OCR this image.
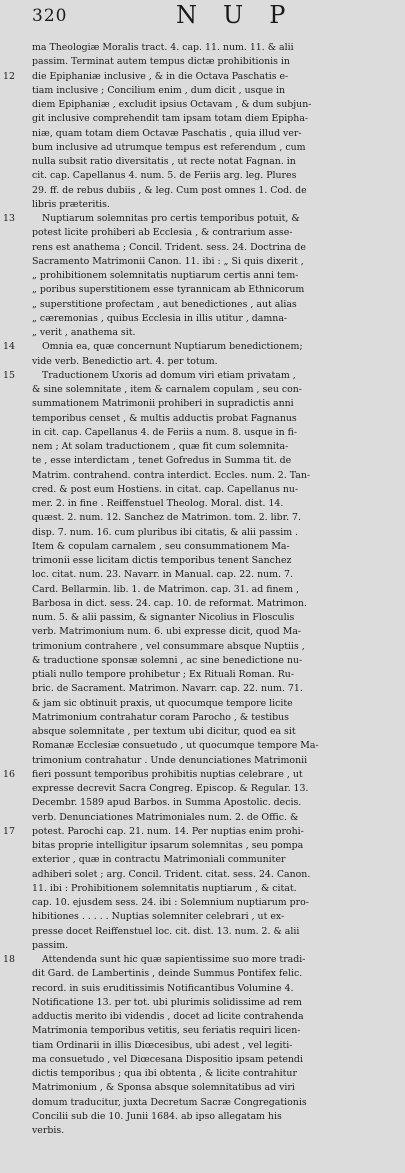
320	NUP
ma Theologiæ Moralis tract. 4. cap. 11. num. 11. & alii
passim. Terminat autem tempus dictæ prohibitionis in
12	die Epiphaniæ inclusive , & in die Octava Paschatis e-
tiam inclusive ; Concilium enim , dum dicit , usque in
diem Epiphaniæ , excludit ipsius Octavam , & dum subjun-
git inclusive comprehendit tam ipsam totam diem Epipha-
niæ, quam totam diem Octavæ Paschatis , quia illud ver-
bum inclusive ad utrumque tempus est referendum , cum
nulla subsit ratio diversitatis , ut recte notat Fagnan. in
cit. cap. Capellanus 4. num. 5. de Feriis arg. leg. Plures
29. ff. de rebus dubiis , & leg. Cum post omnes 1. Cod. de
libris præteritis.
13	Nuptiarum solemnitas pro certis temporibus potuit, &
potest licite prohiberi ab Ecclesia , & contrarium asse-
rens est anathema ; Concil. Trident. sess. 24. Doctrina de
Sacramento Matrimonii Canon. 11. ibi : „ Si quis dixerit ,
„ prohibitionem solemnitatis nuptiarum certis anni tem-
„ poribus superstitionem esse tyrannicam ab Ethnicorum
„ superstitione profectam , aut benedictiones , aut alias
„ cæremonias , quibus Ecclesia in illis utitur , damna-
„ verit , anathema sit.
14	Omnia ea, quæ concernunt Nuptiarum benedictionem;
vide verb. Benedictio art. 4. per totum.
15	Traductionem Uxoris ad domum viri etiam privatam ,
& sine solemnitate , item & carnalem copulam , seu con-
summationem Matrimonii prohiberi in supradictis anni
temporibus censet , & multis adductis probat Fagnanus
in cit. cap. Capellanus 4. de Feriis a num. 8. usque in fi-
nem ; At solam traductionem , quæ fit cum solemnita-
te , esse interdictam , tenet Gofredus in Summa tit. de
Matrim. contrahend. contra interdict. Eccles. num. 2. Tan-
cred. & post eum Hostiens. in citat. cap. Capellanus nu-
mer. 2. in fine . Reiffenstuel Theolog. Moral. dist. 14.
quæst. 2. num. 12. Sanchez de Matrimon. tom. 2. libr. 7.
disp. 7. num. 16. cum pluribus ibi citatis, & alii passim .
Item & copulam carnalem , seu consummationem Ma-
trimonii esse licitam dictis temporibus tenent Sanchez
loc. citat. num. 23. Navarr. in Manual. cap. 22. num. 7.
Card. Bellarmin. lib. 1. de Matrimon. cap. 31. ad finem ,
Barbosa in dict. sess. 24. cap. 10. de reformat. Matrimon.
num. 5. & alii passim, & signanter Nicolius in Flosculis
verb. Matrimonium num. 6. ubi expresse dicit, quod Ma-
trimonium contrahere , vel consummare absque Nuptiis ,
& traductione sponsæ solemni , ac sine benedictione nu-
ptiali nullo tempore prohibetur ; Ex Rituali Roman. Ru-
bric. de Sacrament. Matrimon. Navarr. cap. 22. num. 71.
& jam sic obtinuit praxis, ut quocumque tempore licite
Matrimonium contrahatur coram Parocho , & testibus
absque solemnitate , per textum ubi dicitur, quod ea sit
Romanæ Ecclesiæ consuetudo , ut quocumque tempore Ma-
trimonium contrahatur . Unde denunciationes Matrimonii
16	fieri possunt temporibus prohibitis nuptias celebrare , ut
expresse decrevit Sacra Congreg. Episcop. & Regular. 13.
Decembr. 1589 apud Barbos. in Summa Apostolic. decis.
verb. Denunciationes Matrimoniales num. 2. de Offic. &
17	potest. Parochi cap. 21. num. 14. Per nuptias enim prohi-
bitas proprie intelligitur ipsarum solemnitas , seu pompa
exterior , quæ in contractu Matrimoniali communiter
adhiberi solet ; arg. Concil. Trident. citat. sess. 24. Canon.
11. ibi : Prohibitionem solemnitatis nuptiarum , & citat.
cap. 10. ejusdem sess. 24. ibi : Solemnium nuptiarum pro-
hibitiones . . . . . Nuptias solemniter celebrari , ut ex-
presse docet Reiffenstuel loc. cit. dist. 13. num. 2. & alii
passim.
18	Attendenda sunt hic quæ sapientissime suo more tradi-
dit Gard. de Lambertinis , deinde Summus Pontifex felic.
record. in suis eruditissimis Notificantibus Volumine 4.
Notificatione 13. per tot. ubi plurimis solidissime ad rem
adductis merito ibi videndis , docet ad licite contrahenda
Matrimonia temporibus vetitis, seu feriatis requiri licen-
tiam Ordinarii in illis Diœcesibus, ubi adest , vel legiti-
ma consuetudo , vel Diœcesana Dispositio ipsam petendi
dictis temporibus ; qua ibi obtenta , & licite contrahitur
Matrimonium , & Sponsa absque solemnitatibus ad viri
domum traducitur, juxta Decretum Sacræ Congregationis
Concilii sub die 10. Junii 1684. ab ipso allegatam his
verbis.
